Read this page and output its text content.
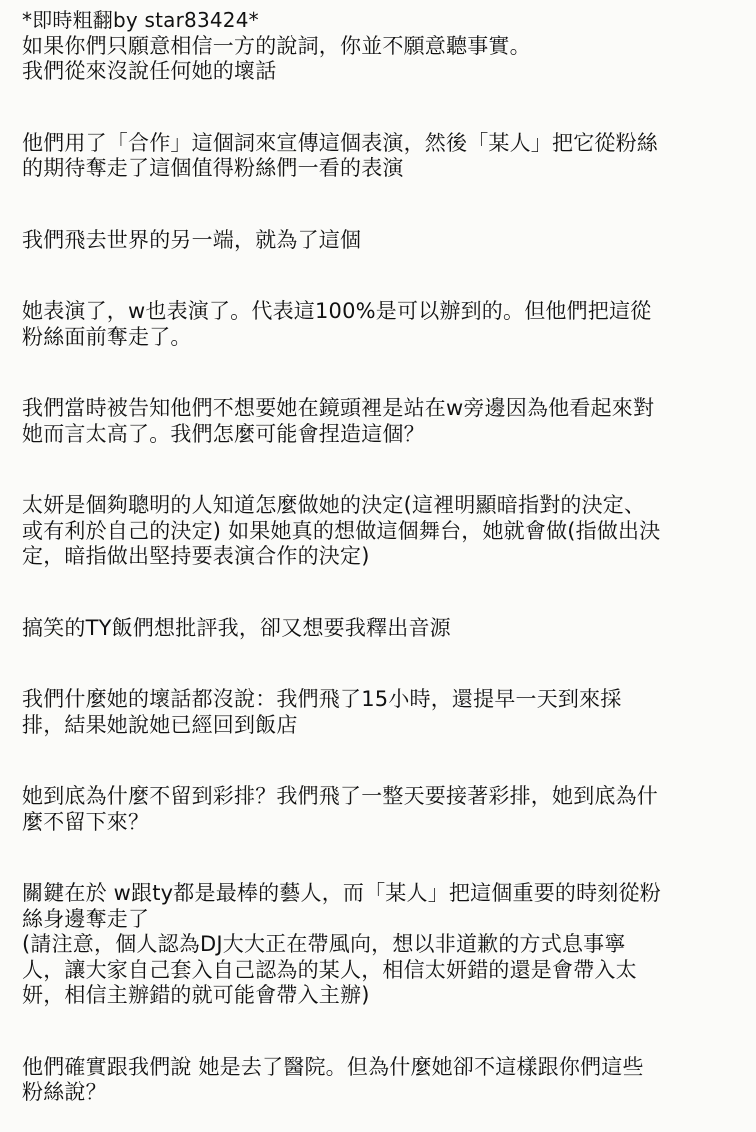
*即時粗翻by star83424*
如果你們只願意相信一方的說詞，你並不願意聽事實。
我們從來沒說任何她的壞話
他們用了「合作」這個詞來宣傳這個表演，然後「某人」把它從粉絲
的期待奪走了這個值得粉絲們一看的表演
我們飛去世界的另一端，就為了這個
她表演了，w也表演了。代表這100%是可以辦到的。但他們把這從
粉絲面前奪走了。
我們當時被告知他們不想要她在鏡頭裡是站在w旁邊因為他看起來對
她而言太高了。我們怎麼可能會捏造這個？
太妍是個夠聰明的人知道怎麼做她的決定(這裡明顯暗指對的決定、
或有利於自己的決定) 如果她真的想做這個舞台，她就會做(指做出決
定，暗指做出堅持要表演合作的決定)
搞笑的TY飯們想批評我，卻又想要我釋出音源
我們什麼她的壞話都沒說：我們飛了15小時，還提早一天到來採
排，結果她說她已經回到飯店
她到底為什麼不留到彩排？我們飛了一整天要接著彩排，她到底為什
麼不留下來？
關鍵在於 w跟ty都是最棒的藝人，而「某人」把這個重要的時刻從粉
絲身邊奪走了
(請注意，個人認為DJ大大正在帶風向，想以非道歉的方式息事寧
人，讓大家自己套入自己認為的某人，相信太妍錯的還是會帶入太
妍，相信主辦錯的就可能會帶入主辦)
他們確實跟我們說 她是去了醫院。但為什麼她卻不這樣跟你們這些
粉絲說？
